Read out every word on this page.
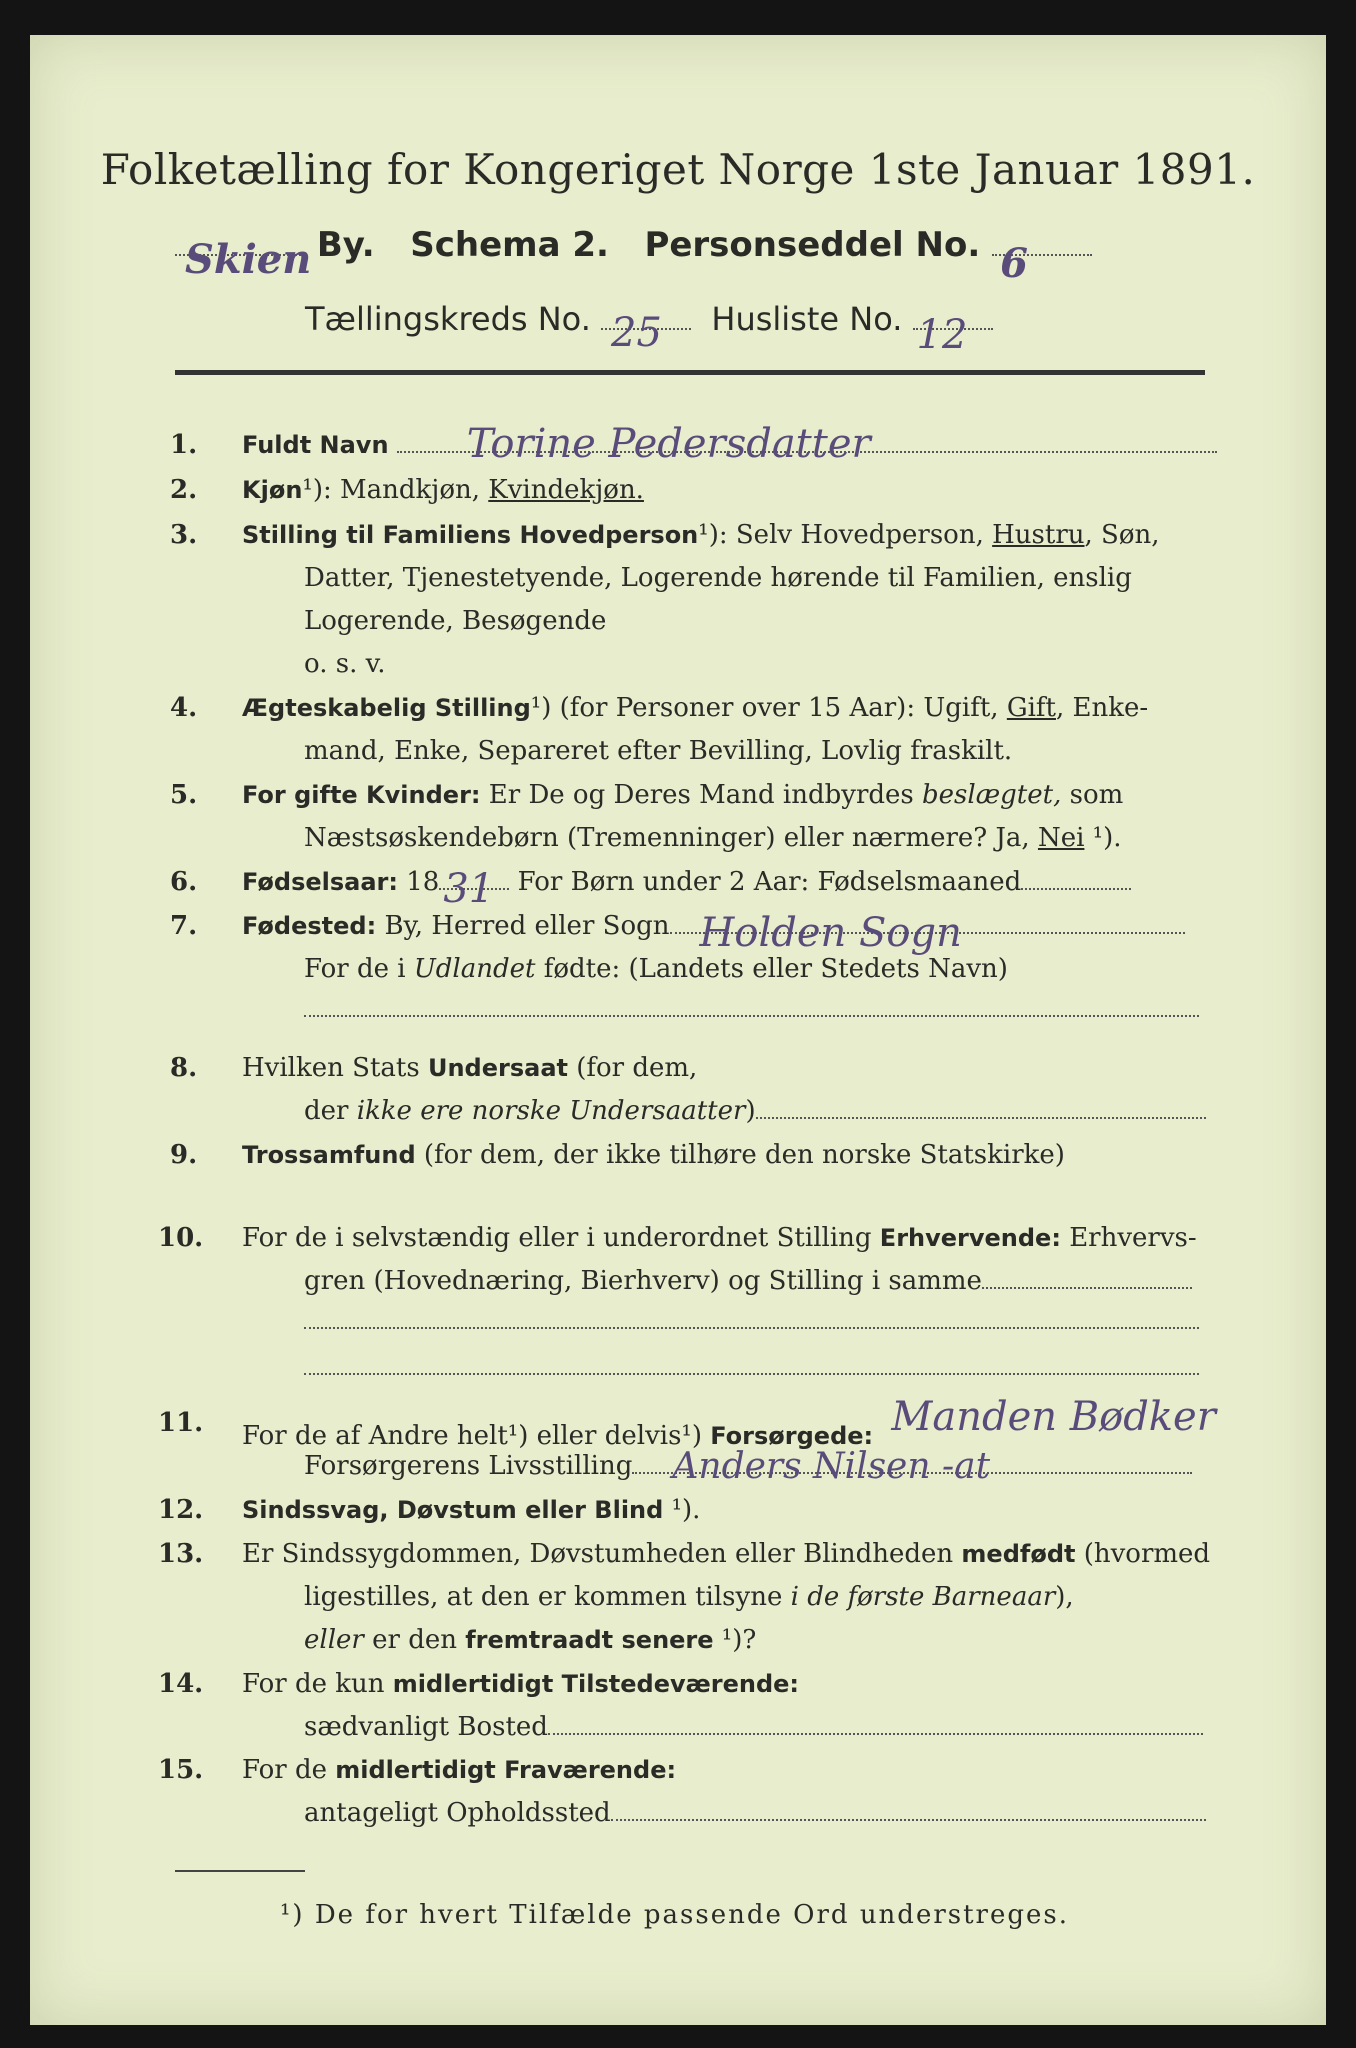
Folketælling for Kongeriget Norge 1ste Januar 1891.
Skien By. Schema 2. Personseddel No. 6
Tællingskreds No. 25 Husliste No. 12
1. Fuldt Navn Torine Pedersdatter
2. Kjøn¹): Mandkjøn, Kvindekjøn.
3. Stilling til Familiens Hovedperson¹): Selv Hovedperson, Hustru, Søn,
Datter, Tjenestetyende, Logerende hørende til Familien, enslig
Logerende, Besøgende
o. s. v.
4. Ægteskabelig Stilling¹) (for Personer over 15 Aar): Ugift, Gift, Enke-
mand, Enke, Separeret efter Bevilling, Lovlig fraskilt.
5. For gifte Kvinder: Er De og Deres Mand indbyrdes beslægtet, som
Næstsøskendebørn (Tremenninger) eller nærmere? Ja, Nei ¹).
6. Fødselsaar: 18 31 For Børn under 2 Aar: Fødselsmaaned
7. Fødested: By, Herred eller Sogn Holden Sogn
For de i Udlandet fødte: (Landets eller Stedets Navn)
8. Hvilken Stats Undersaat (for dem,
der ikke ere norske Undersaatter)
9. Trossamfund (for dem, der ikke tilhøre den norske Statskirke)
10. For de i selvstændig eller i underordnet Stilling Erhvervende: Erhvervs-
gren (Hovednæring, Bierhverv) og Stilling i samme
11. For de af Andre helt¹) eller delvis¹) Forsørgede: Manden Bødker
Forsørgerens Livsstilling Anders Nilsen -at
12. Sindssvag, Døvstum eller Blind ¹).
13. Er Sindssygdommen, Døvstumheden eller Blindheden medfødt (hvormed
ligestilles, at den er kommen tilsyne i de første Barneaar),
eller er den fremtraadt senere ¹)?
14. For de kun midlertidigt Tilstedeværende:
sædvanligt Bosted
15. For de midlertidigt Fraværende:
antageligt Opholdssted
¹) De for hvert Tilfælde passende Ord understreges.
